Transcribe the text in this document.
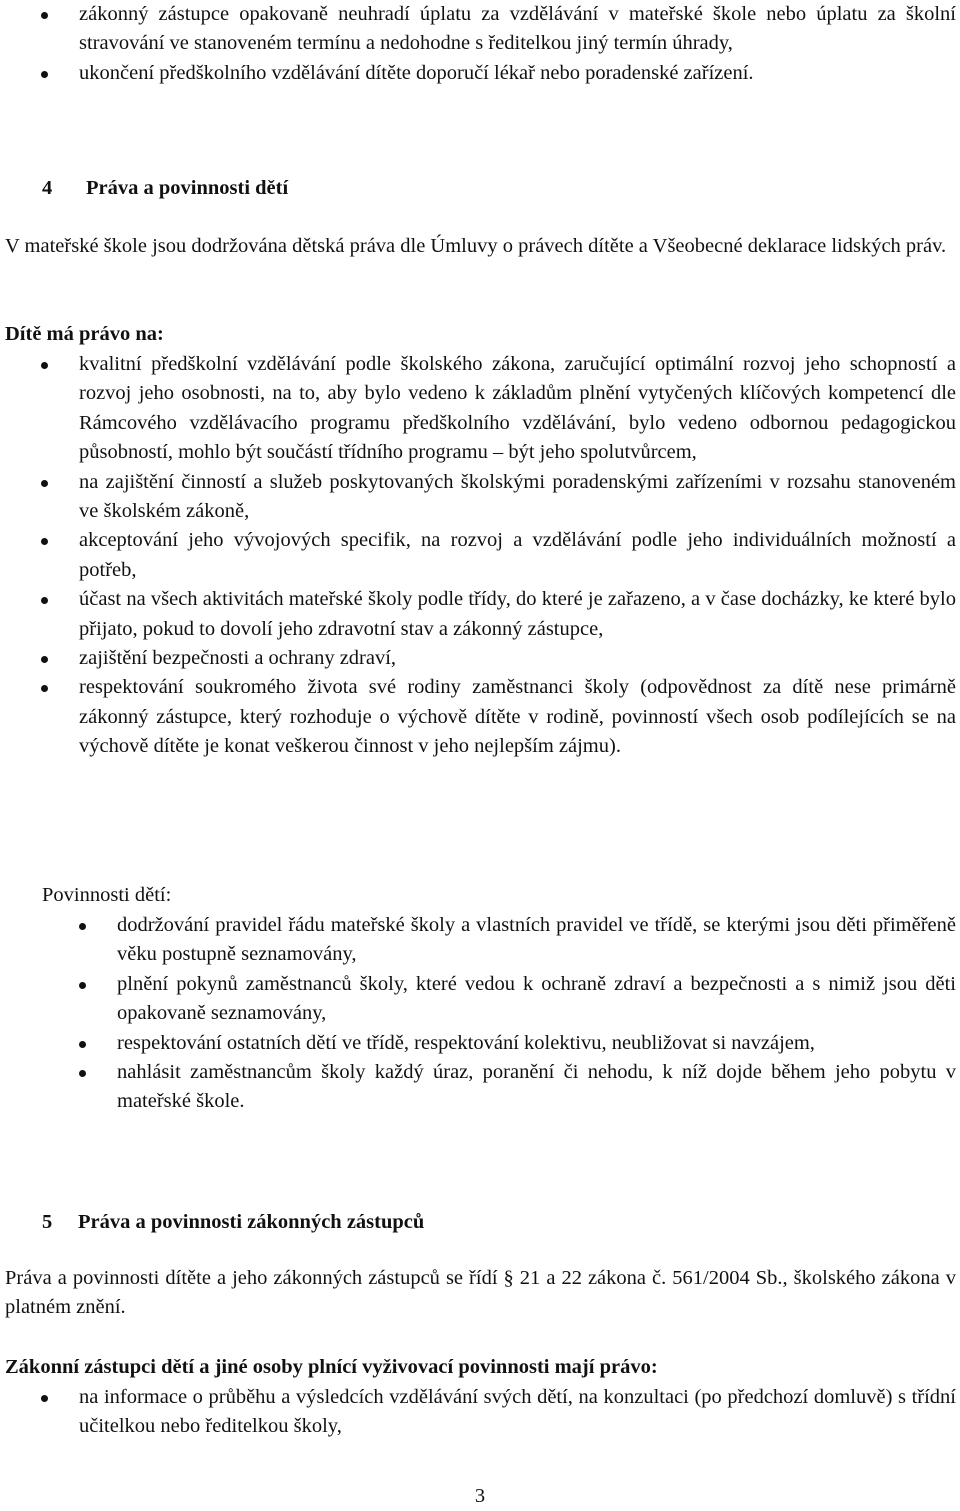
zákonný zástupce opakovaně neuhradí úplatu za vzdělávání v mateřské škole nebo úplatu za školní stravování ve stanoveném termínu a nedohodne s ředitelkou jiný termín úhrady,
ukončení předškolního vzdělávání dítěte doporučí lékař nebo poradenské zařízení.
4 Práva a povinnosti dětí
V mateřské škole jsou dodržována dětská práva dle Úmluvy o právech dítěte a Všeobecné deklarace lidských práv.
Dítě má právo na:
kvalitní předškolní vzdělávání podle školského zákona, zaručující optimální rozvoj jeho schopností a rozvoj jeho osobnosti, na to, aby bylo vedeno k základům plnění vytyčených klíčových kompetencí dle Rámcového vzdělávacího programu předškolního vzdělávání, bylo vedeno odbornou pedagogickou působností, mohlo být součástí třídního programu – být jeho spolutvůrcem,
na zajištění činností a služeb poskytovaných školskými poradenskými zařízeními v rozsahu stanoveném ve školském zákoně,
akceptování jeho vývojových specifik, na rozvoj a vzdělávání podle jeho individuálních možností a potřeb,
účast na všech aktivitách mateřské školy podle třídy, do které je zařazeno, a v čase docházky, ke které bylo přijato, pokud to dovolí jeho zdravotní stav a zákonný zástupce,
zajištění bezpečnosti a ochrany zdraví,
respektování soukromého života své rodiny zaměstnanci školy (odpovědnost za dítě nese primárně zákonný zástupce, který rozhoduje o výchově dítěte v rodině, povinností všech osob podílejících se na výchově dítěte je konat veškerou činnost v jeho nejlepším zájmu).
Povinnosti dětí:
dodržování pravidel řádu mateřské školy a vlastních pravidel ve třídě, se kterými jsou děti přiměřeně věku postupně seznamovány,
plnění pokynů zaměstnanců školy, které vedou k ochraně zdraví a bezpečnosti a s nimiž jsou děti opakovaně seznamovány,
respektování ostatních dětí ve třídě, respektování kolektivu, neubližovat si navzájem,
nahlásit zaměstnancům školy každý úraz, poranění či nehodu, k níž dojde během jeho pobytu v mateřské škole.
5 Práva a povinnosti zákonných zástupců
Práva a povinnosti dítěte a jeho zákonných zástupců se řídí § 21 a 22 zákona č. 561/2004 Sb., školského zákona v platném znění.
Zákonní zástupci dětí a jiné osoby plnící vyživovací povinnosti mají právo:
na informace o průběhu a výsledcích vzdělávání svých dětí, na konzultaci (po předchozí domluvě) s třídní učitelkou nebo ředitelkou školy,
3
